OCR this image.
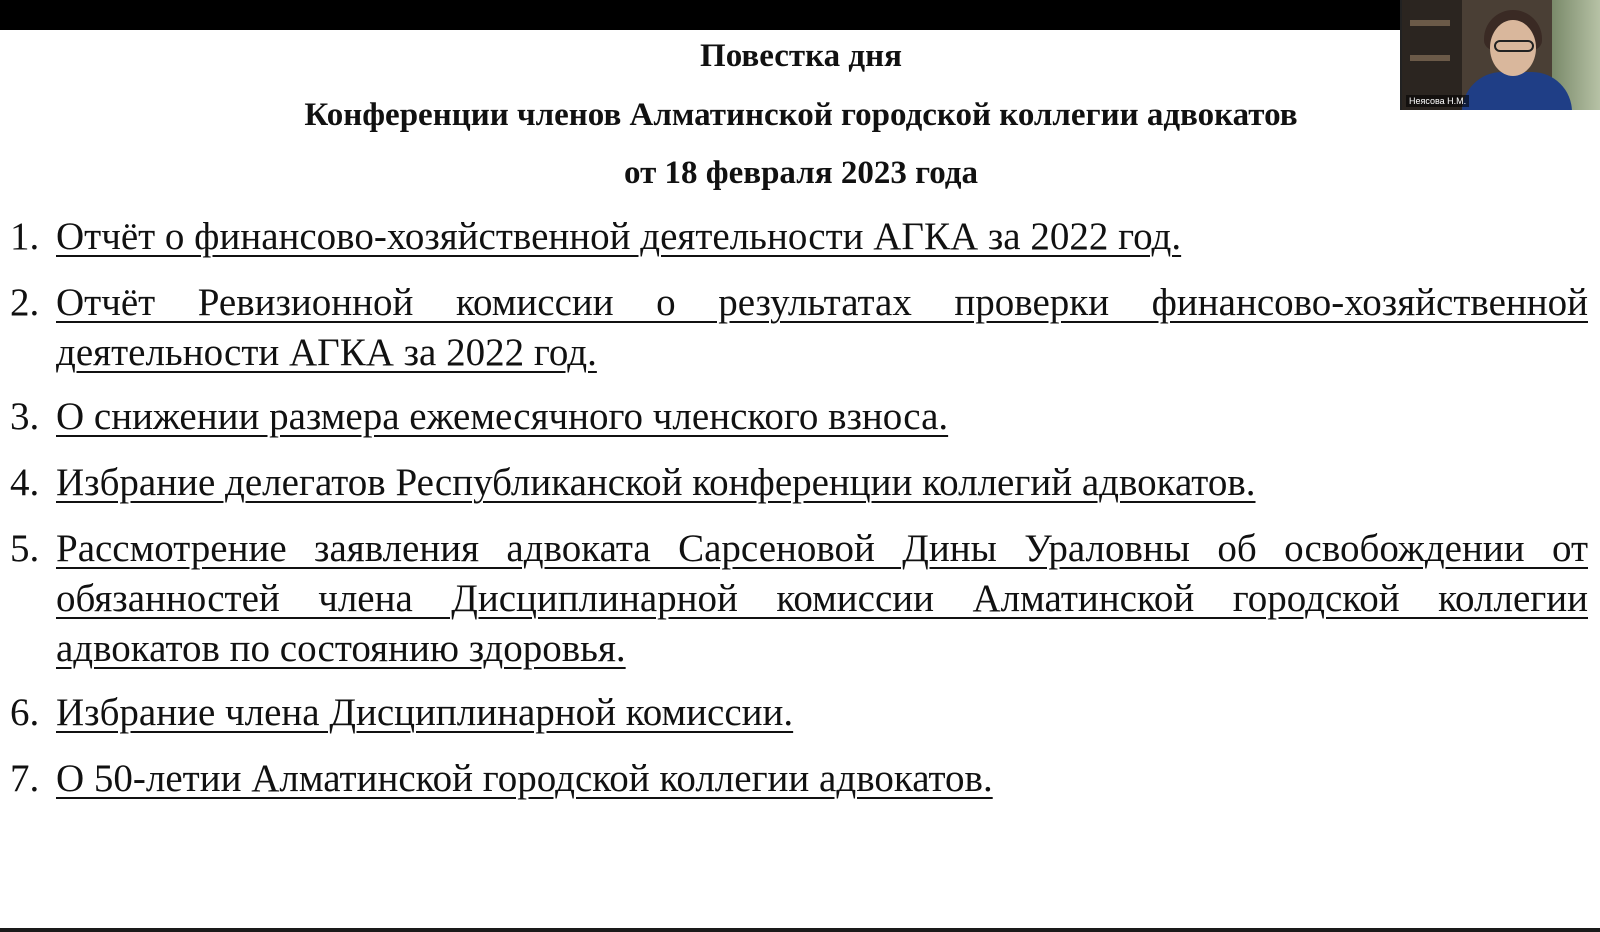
Повестка дня
Конференции членов Алматинской городской коллегии адвокатов
от 18 февраля 2023 года
1. Отчёт о финансово-хозяйственной деятельности АГКА за 2022 год.
2. Отчёт Ревизионной комиссии о результатах проверки финансово-хозяйственной деятельности АГКА за 2022 год.
3. О снижении размера ежемесячного членского взноса.
4. Избрание делегатов Республиканской конференции коллегий адвокатов.
5. Рассмотрение заявления адвоката Сарсеновой Дины Ураловны об освобождении от обязанностей члена Дисциплинарной комиссии Алматинской городской коллегии адвокатов по состоянию здоровья.
6. Избрание члена Дисциплинарной комиссии.
7. О 50-летии Алматинской городской коллегии адвокатов.
Неясова Н.М.
